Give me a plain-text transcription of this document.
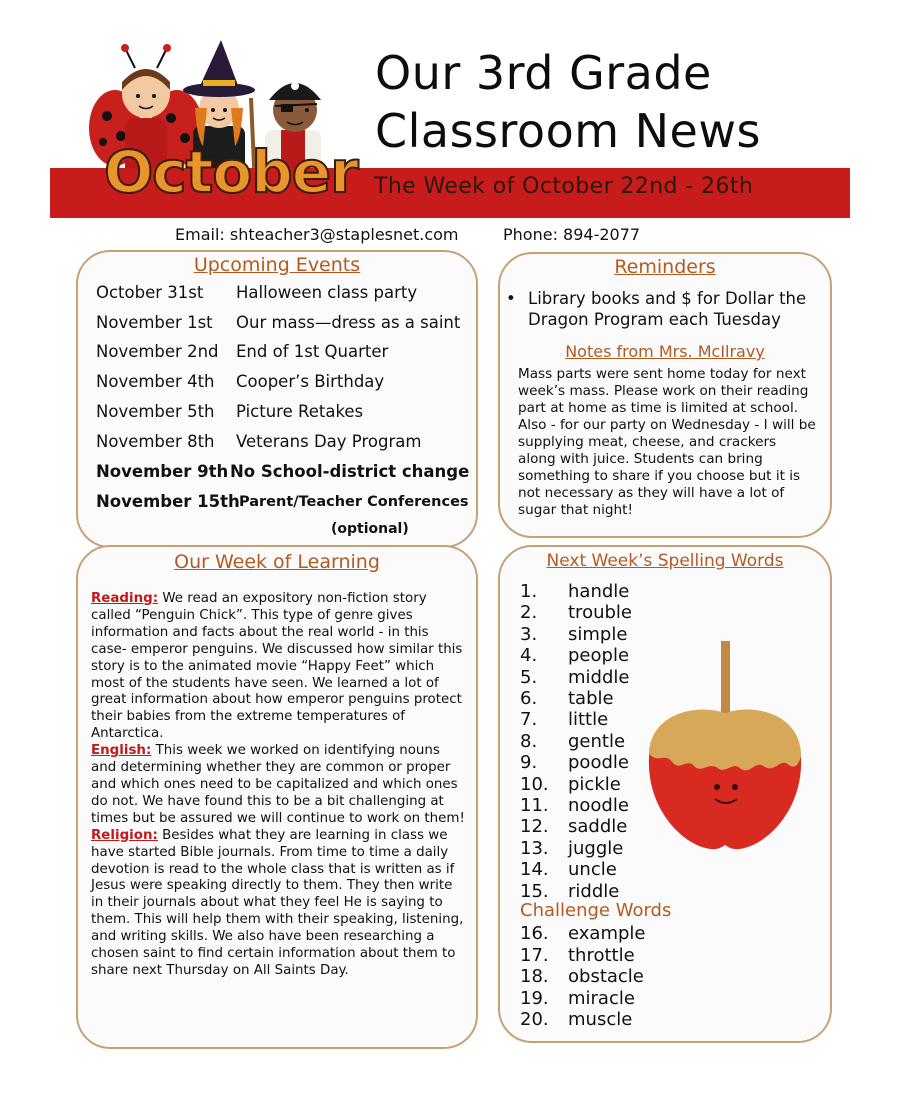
October The Week of October 22nd - 26th
Our 3rd Grade
Classroom News
Email: shteacher3@staplesnet.com	Phone: 894-2077
Upcoming Events
October 31st Halloween class party
November 1st Our mass—dress as a saint
November 2nd End of 1st Quarter
November 4th Cooper’s Birthday
November 5th Picture Retakes
November 8th Veterans Day Program
November 9th No School-district change
November 15th Parent/Teacher Conferences
(optional)
Reminders
• Library books and $ for Dollar the Dragon Program each Tuesday
Notes from Mrs. McIlravy
Mass parts were sent home today for next week’s mass. Please work on their reading part at home as time is limited at school. Also - for our party on Wednesday - I will be supplying meat, cheese, and crackers along with juice. Students can bring something to share if you choose but it is not necessary as they will have a lot of sugar that night!
Our Week of Learning

Reading: We read an expository non-fiction story called “Penguin Chick”. This type of genre gives information and facts about the real world - in this case- emperor penguins. We discussed how similar this story is to the animated movie “Happy Feet” which most of the students have seen. We learned a lot of great information about how emperor penguins protect their babies from the extreme temperatures of Antarctica.

English: This week we worked on identifying nouns and determining whether they are common or proper and which ones need to be capitalized and which ones do not. We have found this to be a bit challenging at times but be assured we will continue to work on them!

Religion: Besides what they are learning in class we have started Bible journals. From time to time a daily devotion is read to the whole class that is written as if Jesus were speaking directly to them. They then write in their journals about what they feel He is saying to them. This will help them with their speaking, listening, and writing skills. We also have been researching a chosen saint to find certain information about them to share next Thursday on All Saints Day.

Next Week’s Spelling Words
1. handle
2. trouble
3. simple
4. people
5. middle
6. table
7. little
8. gentle
9. poodle
10. pickle
11. noodle
12. saddle
13. juggle
14. uncle
15. riddle
Challenge Words
16. example
17. throttle
18. obstacle
19. miracle
20. muscle
